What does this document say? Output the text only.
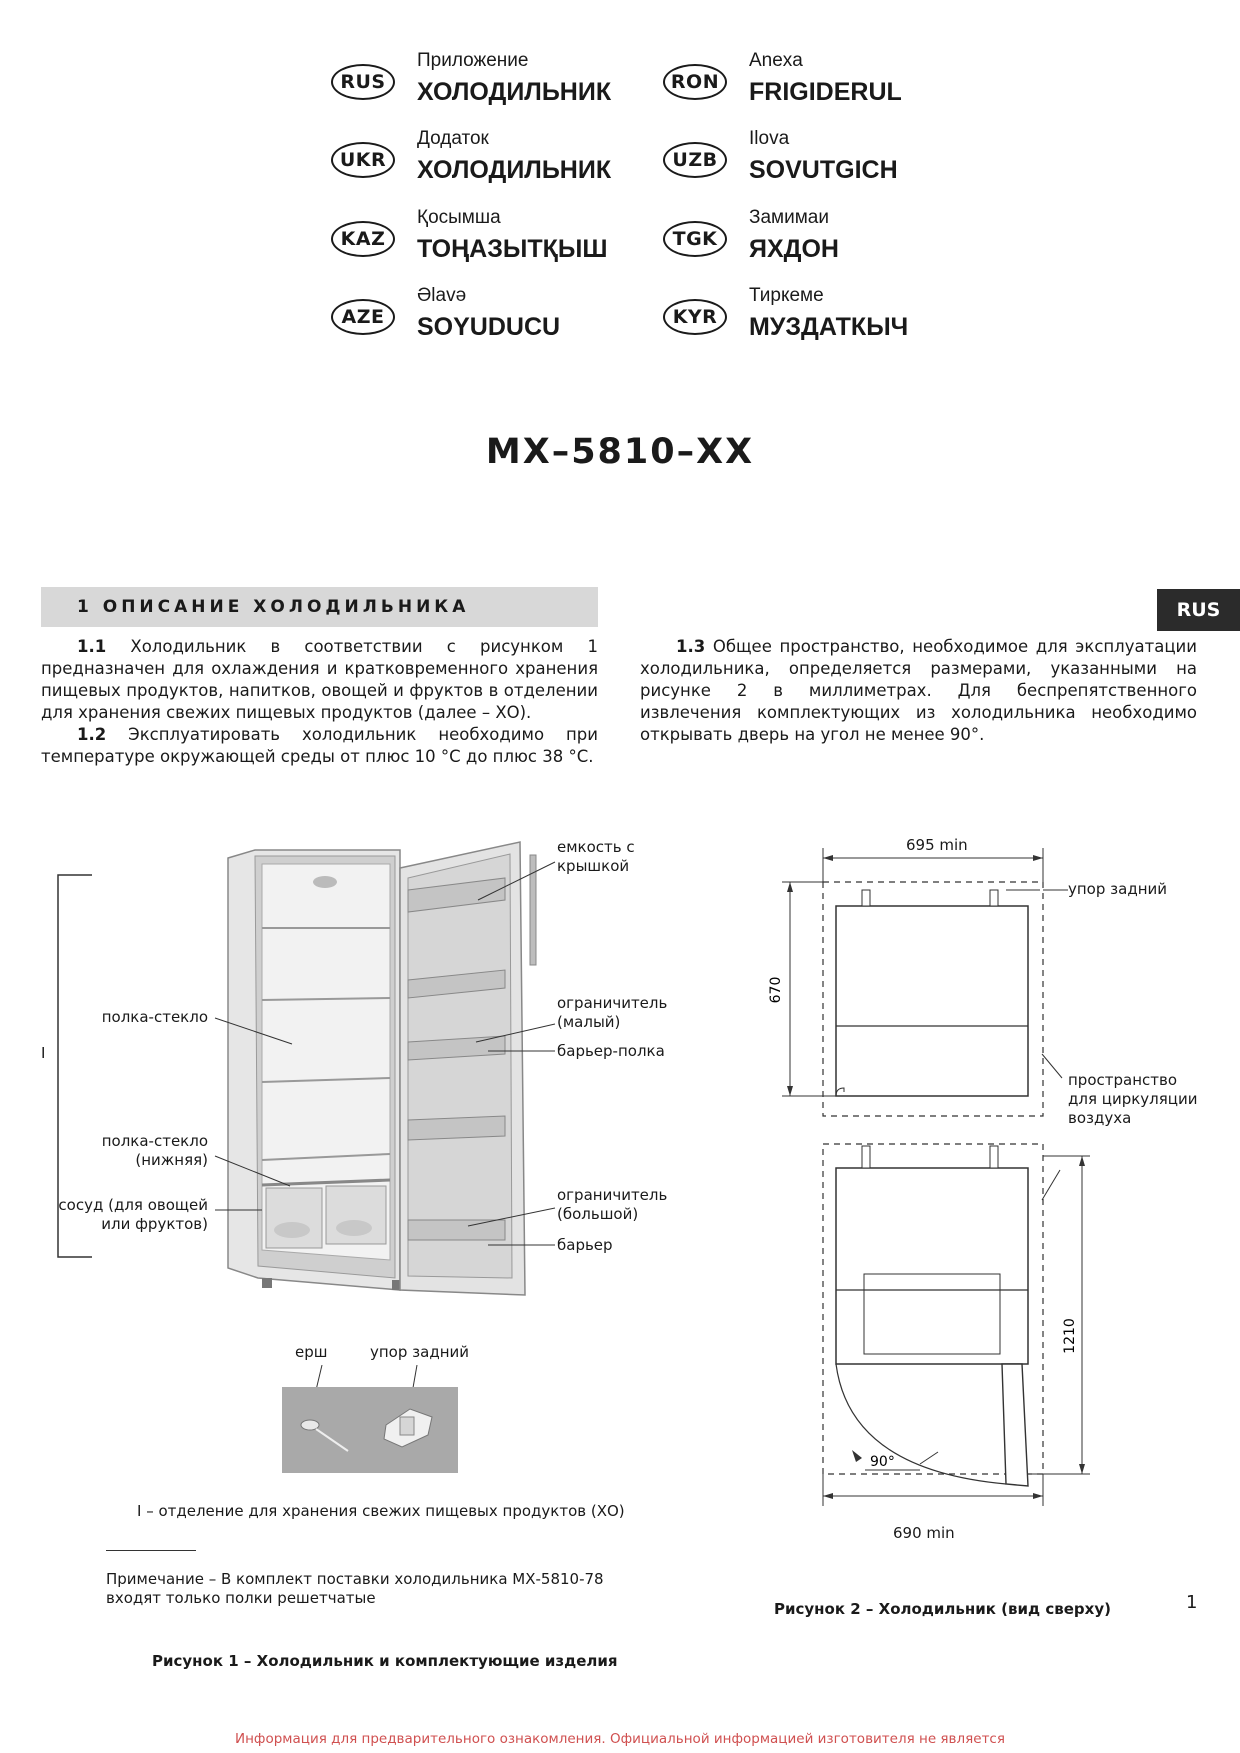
RUS
Приложение
ХОЛОДИЛЬНИК
UKR
Додаток
ХОЛОДИЛЬНИК
KAZ
Қосымша
ТОҢАЗЫТҚЫШ
AZE
Əlavə
SOYUDUCU
RON
Anexa
FRIGIDERUL
UZB
Ilova
SOVUTGICH
TGK
Замимаи
ЯХДОН
KYR
Тиркеме
МУЗДАТКЫЧ
МХ–5810–ХХ
1 ОПИСАНИЕ ХОЛОДИЛЬНИКА	RUS

1.1 Холодильник в соответствии с рисунком 1 предназначен для охлаждения и кратковременного хранения пищевых продуктов, напитков, овощей и фруктов в отделении для хранения свежих пищевых продуктов (далее – ХО).

1.2 Эксплуатировать холодильник необходимо при температуре окружающей среды от плюс 10 °С до плюс 38 °С.

1.3 Общее пространство, необходимое для эксплуатации холодильника, определяется размерами, указанными на рисунке 2 в миллиметрах. Для беспрепятственного извлечения комплектующих из холодильника необходимо открывать дверь на угол не менее 90°.

I
емкость с
крышкой
полка-стекло
ограничитель
(малый)
барьер-полка
полка-стекло
(нижняя)
сосуд (для овощей
или фруктов)
ограничитель
(большой)
барьер
ерш	упор задний
I – отделение для хранения свежих пищевых продуктов (ХО)
Примечание – В комплект поставки холодильника МХ-5810-78
входят только полки решетчатые
Рисунок 1 – Холодильник и комплектующие изделия
670
90°
1210
695 min
упор задний
пространство
для циркуляции
воздуха
690 min
Рисунок 2 – Холодильник (вид сверху)	1
Информация для предварительного ознакомления. Официальной информацией изготовителя не является
